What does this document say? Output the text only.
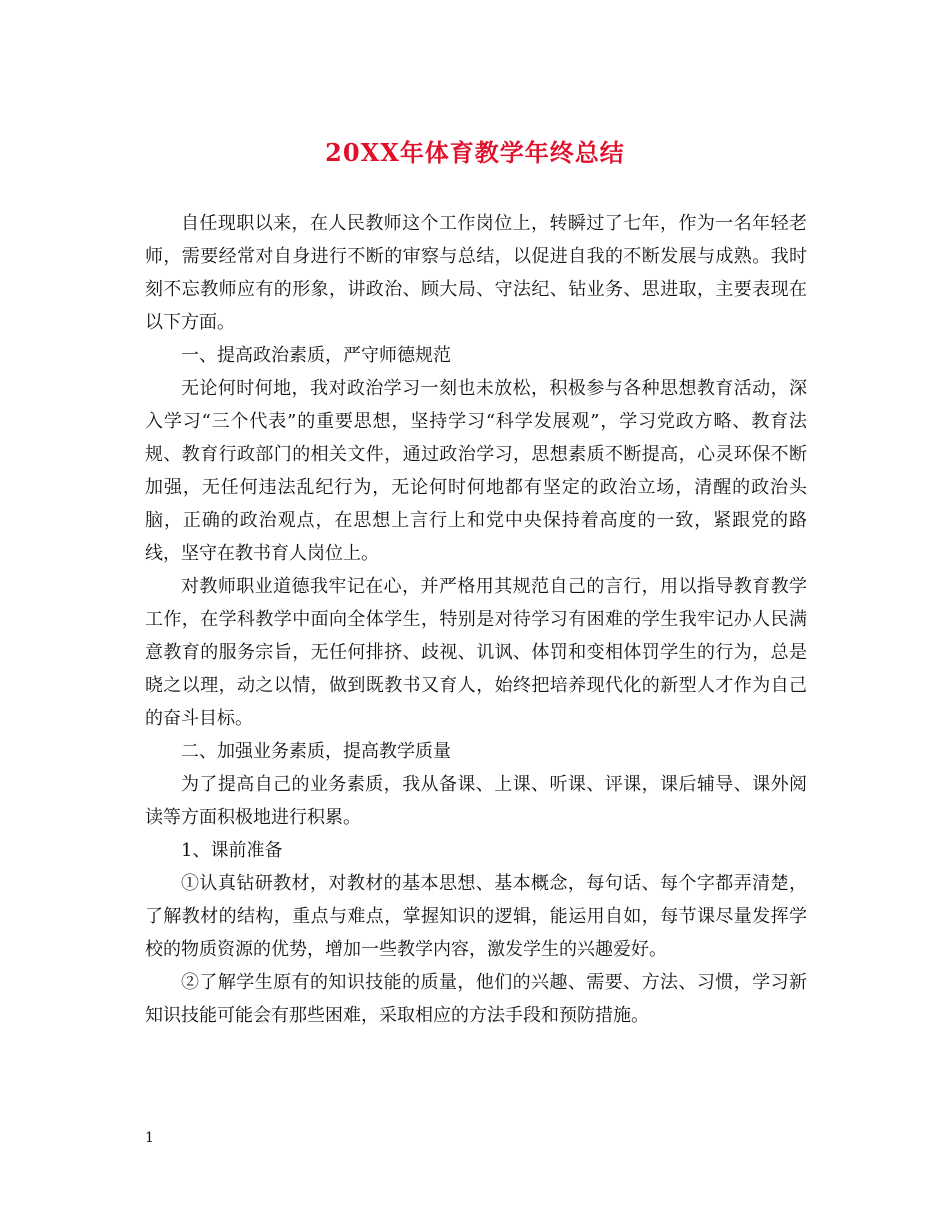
20XX年体育教学年终总结

自任现职以来，在人民教师这个工作岗位上，转瞬过了七年，作为一名年轻老师，需要经常对自身进行不断的审察与总结，以促进自我的不断发展与成熟。我时刻不忘教师应有的形象，讲政治、顾大局、守法纪、钻业务、思进取，主要表现在以下方面。

一、提高政治素质，严守师德规范

无论何时何地，我对政治学习一刻也未放松，积极参与各种思想教育活动，深入学习“三个代表”的重要思想，坚持学习“科学发展观”，学习党政方略、教育法规、教育行政部门的相关文件，通过政治学习，思想素质不断提高，心灵环保不断加强，无任何违法乱纪行为，无论何时何地都有坚定的政治立场，清醒的政治头脑，正确的政治观点，在思想上言行上和党中央保持着高度的一致，紧跟党的路线，坚守在教书育人岗位上。

对教师职业道德我牢记在心，并严格用其规范自己的言行，用以指导教育教学工作，在学科教学中面向全体学生，特别是对待学习有困难的学生我牢记办人民满意教育的服务宗旨，无任何排挤、歧视、讥讽、体罚和变相体罚学生的行为，总是晓之以理，动之以情，做到既教书又育人，始终把培养现代化的新型人才作为自己的奋斗目标。

二、加强业务素质，提高教学质量

为了提高自己的业务素质，我从备课、上课、听课、评课，课后辅导、课外阅读等方面积极地进行积累。

1、课前准备

①认真钻研教材，对教材的基本思想、基本概念，每句话、每个字都弄清楚，了解教材的结构，重点与难点，掌握知识的逻辑，能运用自如，每节课尽量发挥学校的物质资源的优势，增加一些教学内容，激发学生的兴趣爱好。

②了解学生原有的知识技能的质量，他们的兴趣、需要、方法、习惯，学习新知识技能可能会有那些困难，采取相应的方法手段和预防措施。

1
